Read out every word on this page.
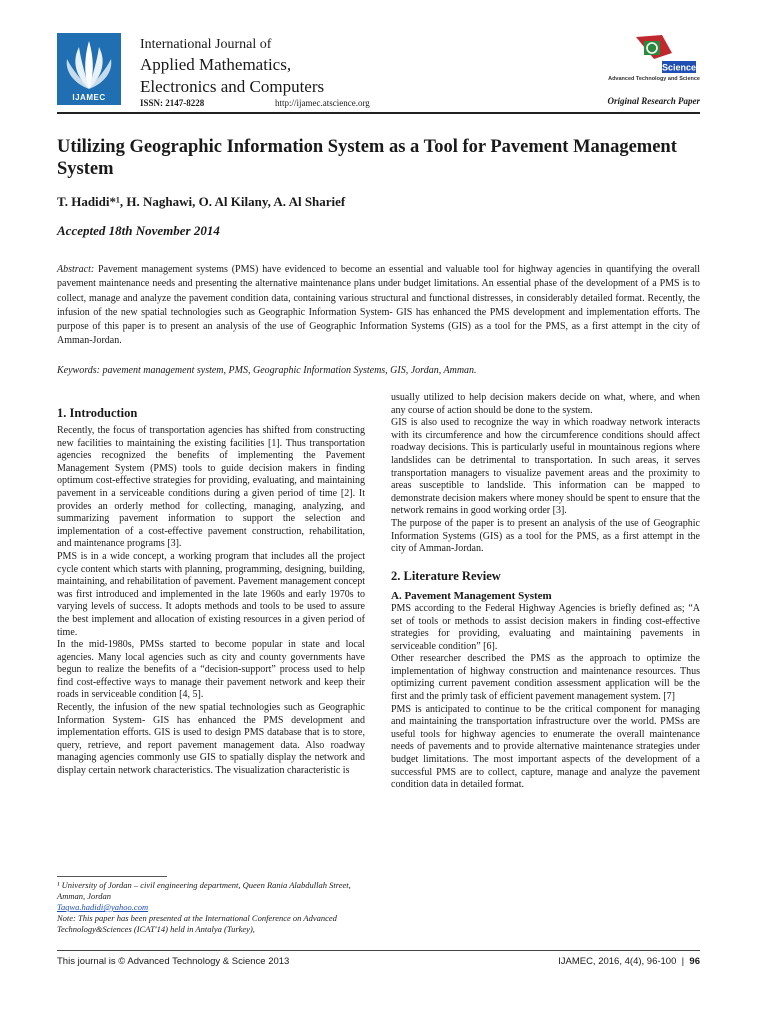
IJAMEC
International Journal of
Applied Mathematics,
Electronics and Computers
ISSN: 2147-8228	http://ijamec.atscience.org
Science
Advanced Technology and Science
Original Research Paper
Utilizing Geographic Information System as a Tool for Pavement Management System
T. Hadidi*¹, H. Naghawi, O. Al Kilany, A. Al Sharief
Accepted 18th November 2014
Abstract: Pavement management systems (PMS) have evidenced to become an essential and valuable tool for highway agencies in quantifying the overall pavement maintenance needs and presenting the alternative maintenance plans under budget limitations. An essential phase of the development of a PMS is to collect, manage and analyze the pavement condition data, containing various structural and functional distresses, in considerably detailed format. Recently, the infusion of the new spatial technologies such as Geographic Information System- GIS has enhanced the PMS development and implementation efforts. The purpose of this paper is to present an analysis of the use of Geographic Information Systems (GIS) as a tool for the PMS, as a first attempt in the city of Amman-Jordan.
Keywords: pavement management system, PMS, Geographic Information Systems, GIS, Jordan, Amman.
1. Introduction

Recently, the focus of transportation agencies has shifted from constructing new facilities to maintaining the existing facilities [1]. Thus transportation agencies recognized the benefits of implementing the Pavement Management System (PMS) tools to guide decision makers in finding optimum cost-effective strategies for providing, evaluating, and maintaining pavement in a serviceable conditions during a given period of time [2]. It provides an orderly method for collecting, managing, analyzing, and summarizing pavement information to support the selection and implementation of a cost-effective pavement construction, rehabilitation, and maintenance programs [3].

PMS is in a wide concept, a working program that includes all the project cycle content which starts with planning, programming, designing, building, maintaining, and rehabilitation of pavement. Pavement management concept was first introduced and implemented in the late 1960s and early 1970s to varying levels of success. It adopts methods and tools to be used to assure the best implement and allocation of existing resources in a given period of time.

In the mid-1980s, PMSs started to become popular in state and local agencies. Many local agencies such as city and county governments have begun to realize the benefits of a “decision-support” process used to help find cost-effective ways to manage their pavement network and keep their roads in serviceable condition [4, 5].

Recently, the infusion of the new spatial technologies such as Geographic Information System- GIS has enhanced the PMS development and implementation efforts. GIS is used to design PMS database that is to store, query, retrieve, and report pavement management data. Also roadway managing agencies commonly use GIS to spatially display the network and display certain network characteristics. The visualization characteristic is

usually utilized to help decision makers decide on what, where, and when any course of action should be done to the system.

GIS is also used to recognize the way in which roadway network interacts with its circumference and how the circumference conditions should affect roadway decisions. This is particularly useful in mountainous regions where landslides can be detrimental to transportation. In such areas, it serves transportation managers to visualize pavement areas and the proximity to areas susceptible to landslide. This information can be mapped to demonstrate decision makers where money should be spent to ensure that the network remains in good working order [3].

The purpose of the paper is to present an analysis of the use of Geographic Information Systems (GIS) as a tool for the PMS, as a first attempt in the city of Amman-Jordan.

2. Literature Review
A. Pavement Management System

PMS according to the Federal Highway Agencies is briefly defined as; “A set of tools or methods to assist decision makers in finding cost-effective strategies for providing, evaluating and maintaining pavements in serviceable condition” [6].

Other researcher described the PMS as the approach to optimize the implementation of highway construction and maintenance resources. Thus optimizing current pavement condition assessment application will be the first and the primly task of efficient pavement management system. [7]

PMS is anticipated to continue to be the critical component for managing and maintaining the transportation infrastructure over the world. PMSs are useful tools for highway agencies to enumerate the overall maintenance needs of pavements and to provide alternative maintenance strategies under budget limitations. The most important aspects of the development of a successful PMS are to collect, capture, manage and analyze the pavement condition data in detailed format.

¹ University of Jordan – civil engineering department, Queen Rania Alabdullah Street, Amman, Jordan
Taqwa.hadidi@yahoo.com
Note: This paper has been presented at the International Conference on Advanced Technology&Sciences (ICAT'14) held in Antalya (Turkey),
This journal is © Advanced Technology & Science 2013	IJAMEC, 2016, 4(4), 96-100  |  96
